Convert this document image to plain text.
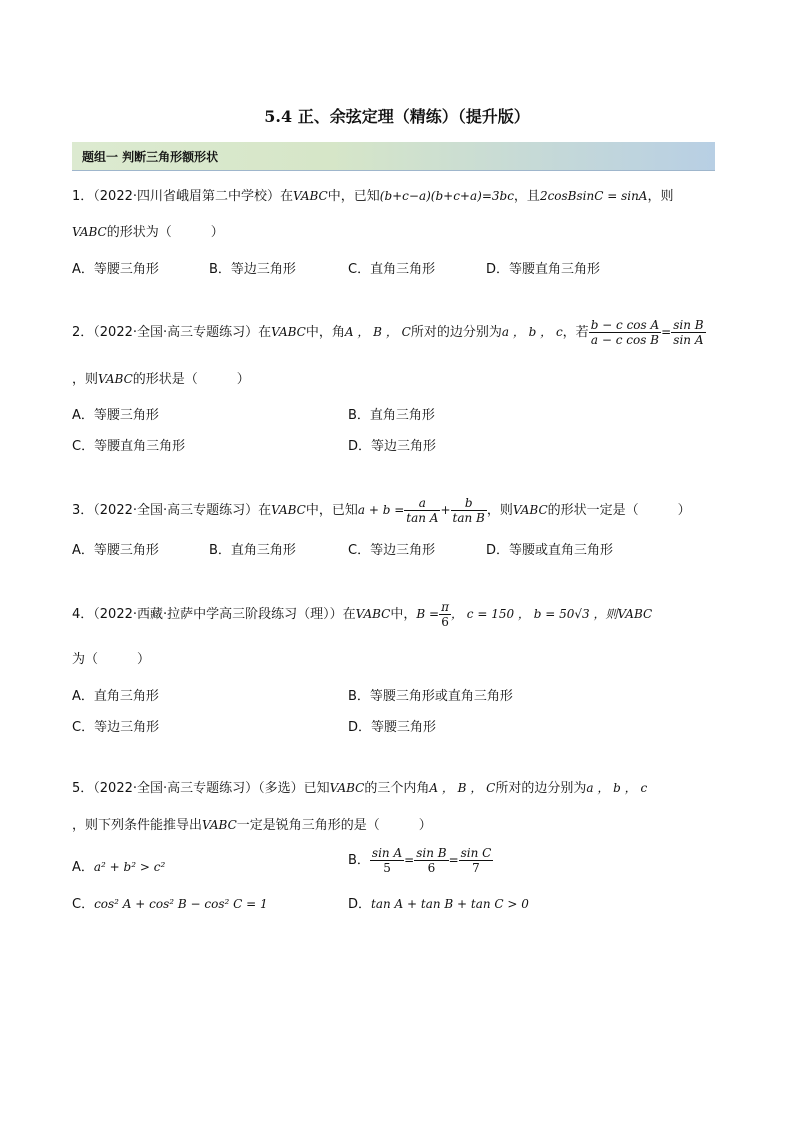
5.4 正、余弦定理（精练）（提升版）
题组一 判断三角形额形状
1．（2022·四川省峨眉第二中学校）在VABC中，已知(b+c−a)(b+c+a)=3bc，且2cosBsinC = sinA，则
VABC的形状为（　　　）
A．等腰三角形	B．等边三角形	C．直角三角形	D．等腰直角三角形
2．（2022·全国·高三专题练习）在VABC中，角A ， B ， C所对的边分别为a ， b ， c，若 $\frac{\text{b − c cos A}}{\text{a − c cos B}} = \frac{\text{sin B}}{\text{sin A}}$
，则VABC的形状是（　　　）
A．等腰三角形	B．直角三角形
C．等腰直角三角形	D．等边三角形
3．（2022·全国·高三专题练习）在VABC中，已知$a + b = \frac{a}{\text{tan A}} + \frac{b}{\text{tan B}}$ ，则VABC的形状一定是（　　　）
A．等腰三角形	B．直角三角形	C．等边三角形	D．等腰或直角三角形
4．（2022·西藏·拉萨中学高三阶段练习（理））在VABC中，$B = \frac{\pi}{6}$ ， c = 150 ， b = 50√3 ，则VABC
为（　　　）
A．直角三角形	B．等腰三角形或直角三角形
C．等边三角形	D．等腰三角形
5．（2022·全国·高三专题练习）（多选）已知VABC的三个内角A ， B ， C所对的边分别为a ， b ， c
，则下列条件能推导出VABC一定是锐角三角形的是（　　　）
A．a² + b² > c²	B． $\frac{\text{sin A}}{5} = \frac{\text{sin B}}{6} = \frac{\text{sin C}}{7}$
C．cos² A + cos² B − cos² C = 1	D．tan A + tan B + tan C > 0
